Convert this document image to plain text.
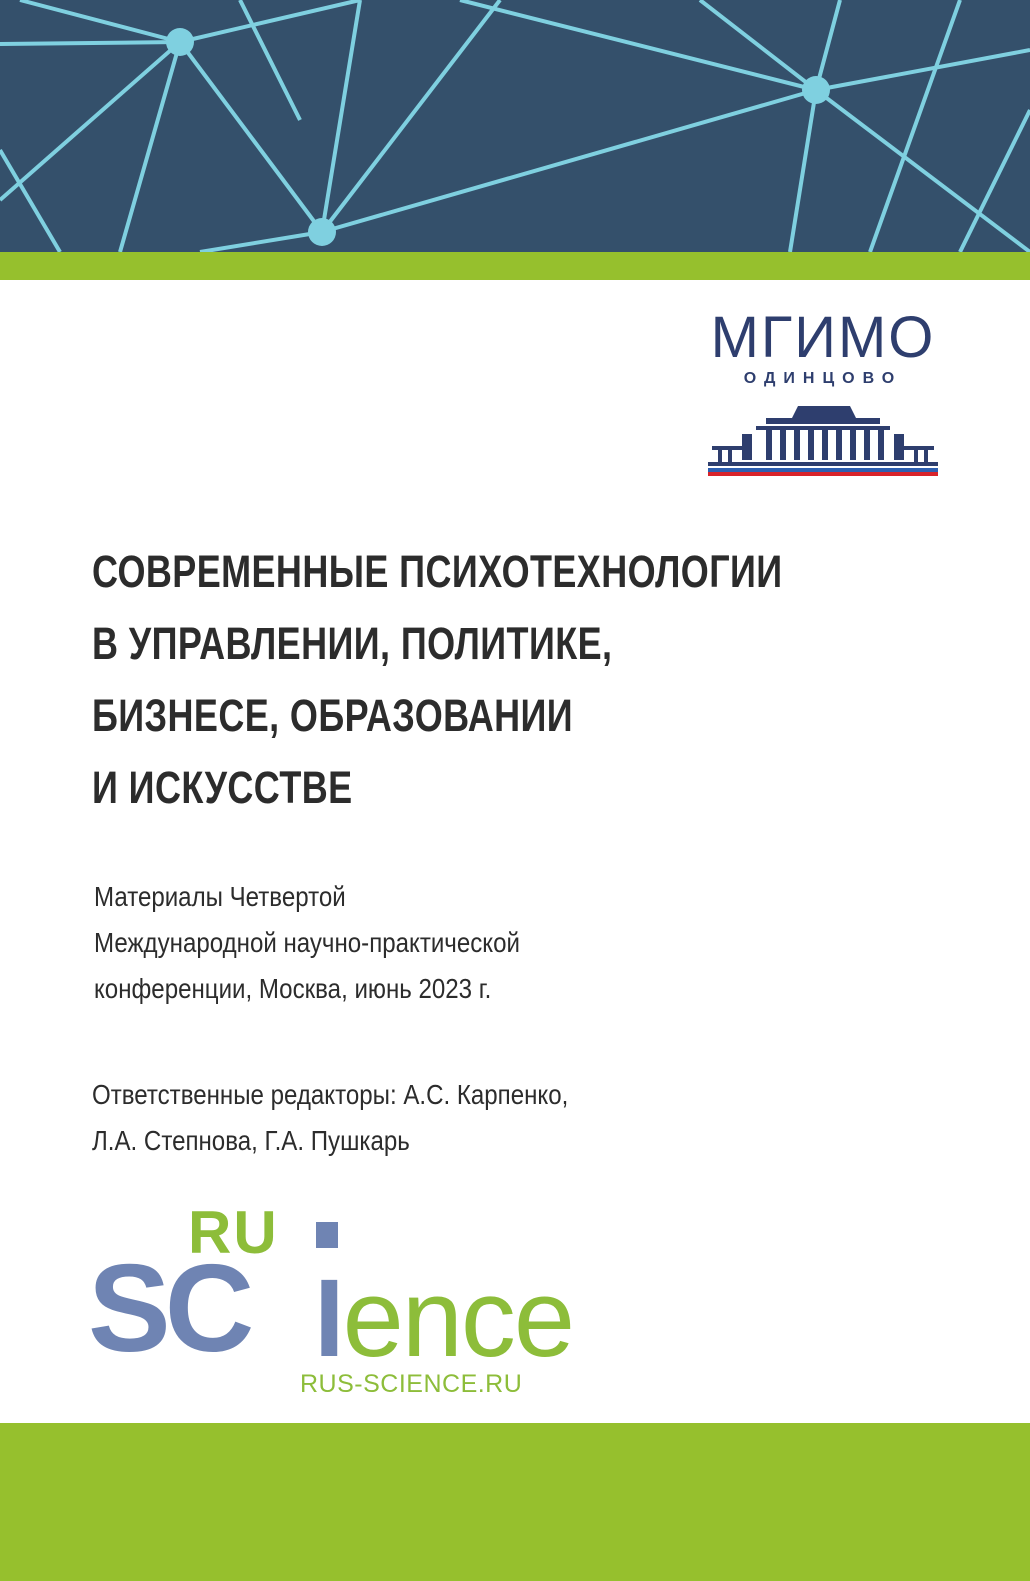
МГИМО
ОДИНЦОВО
СОВРЕМЕННЫЕ ПСИХОТЕХНОЛОГИИ
В УПРАВЛЕНИИ, ПОЛИТИКЕ,
БИЗНЕСЕ, ОБРАЗОВАНИИ
И ИСКУССТВЕ
Материалы Четвертой
Международной научно-практической
конференции, Москва, июнь 2023 г.
Ответственные редакторы: А.С. Карпенко,
Л.А. Степнова, Г.А. Пушкарь
RU
SC Ience
RUS-SCIENCE.RU
